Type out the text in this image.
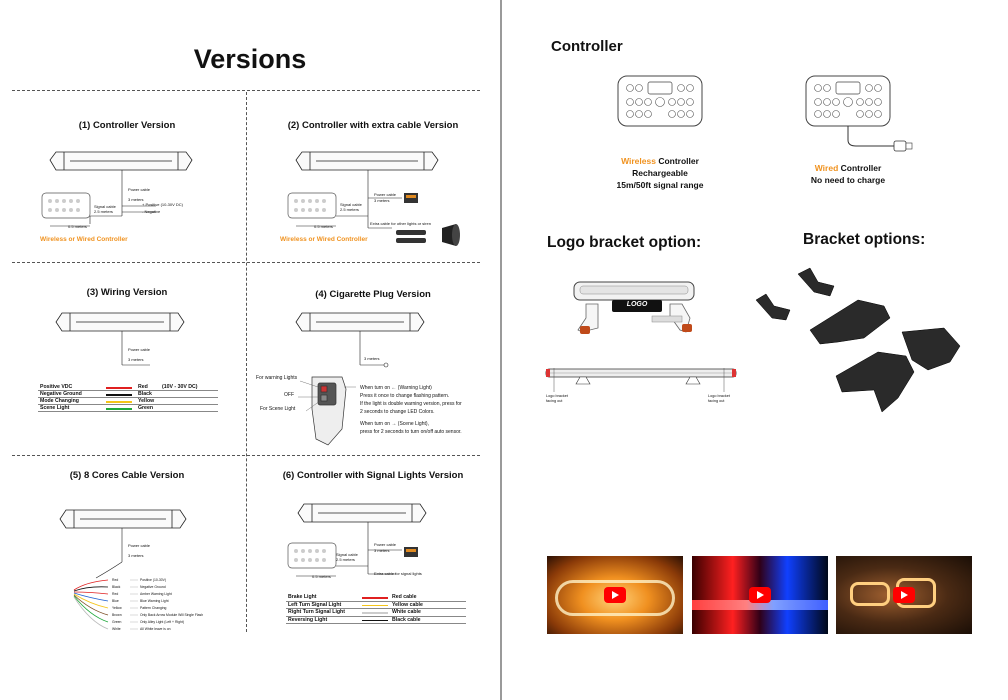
Versions
(1) Controller Version
Power cable
3 meters
+ Positive (10-30V DC)
- Negative
Signal cable
2.5 meters
0.5 meters
Wireless or Wired Controller
(2) Controller with extra cable Version
Power cable
3 meters
Signal cable
2.5 meters
Extra cable for other lights or siren
0.5 meters
Wireless or Wired Controller
(3) Wiring Version
Power cable
3 meters
Positive VDC	Red	(10V - 30V DC)
Negative Ground	Black
Mode Changing	Yellow
Scene Light	Green
(4) Cigarette Plug Version
3 meters
For warning Lights
OFF
For Scene Light
When turn on ← (Warning Light)
Press it once to change flashing pattern.
If the light is double warning version, press for
2 seconds to change LED Colors.
When turn on → (Scene Light),
press for 2 seconds to turn on/off auto sensor.
(5) 8 Cores Cable Version
Power cable
3 meters
Red	Positive (10-30V)
Black	Negative Ground
Red	Amber Warning Light
Blue	Blue Warning Light
Yellow	Pattern Changing
Brown	Only Back Arrow Module Will Single Flash
Green	Only Alley Light (Left + Right)
White	All White leave is on
(6) Controller with Signal Lights Version
Power cable
3 meters
Signal cable
2.5 meters
Extra cable for signal lights
0.5 meters
Brake Light	Red cable
Left Turn Signal Light	Yellow cable
Right Turn Signal Light	White cable
Reversing Light	Black cable
Controller
Wireless Controller
Rechargeable
15m/50ft signal range
Wired Controller
No need to charge
Logo bracket option:	Bracket options:
LOGO
Logo bracket facing out
Logo bracket facing out
